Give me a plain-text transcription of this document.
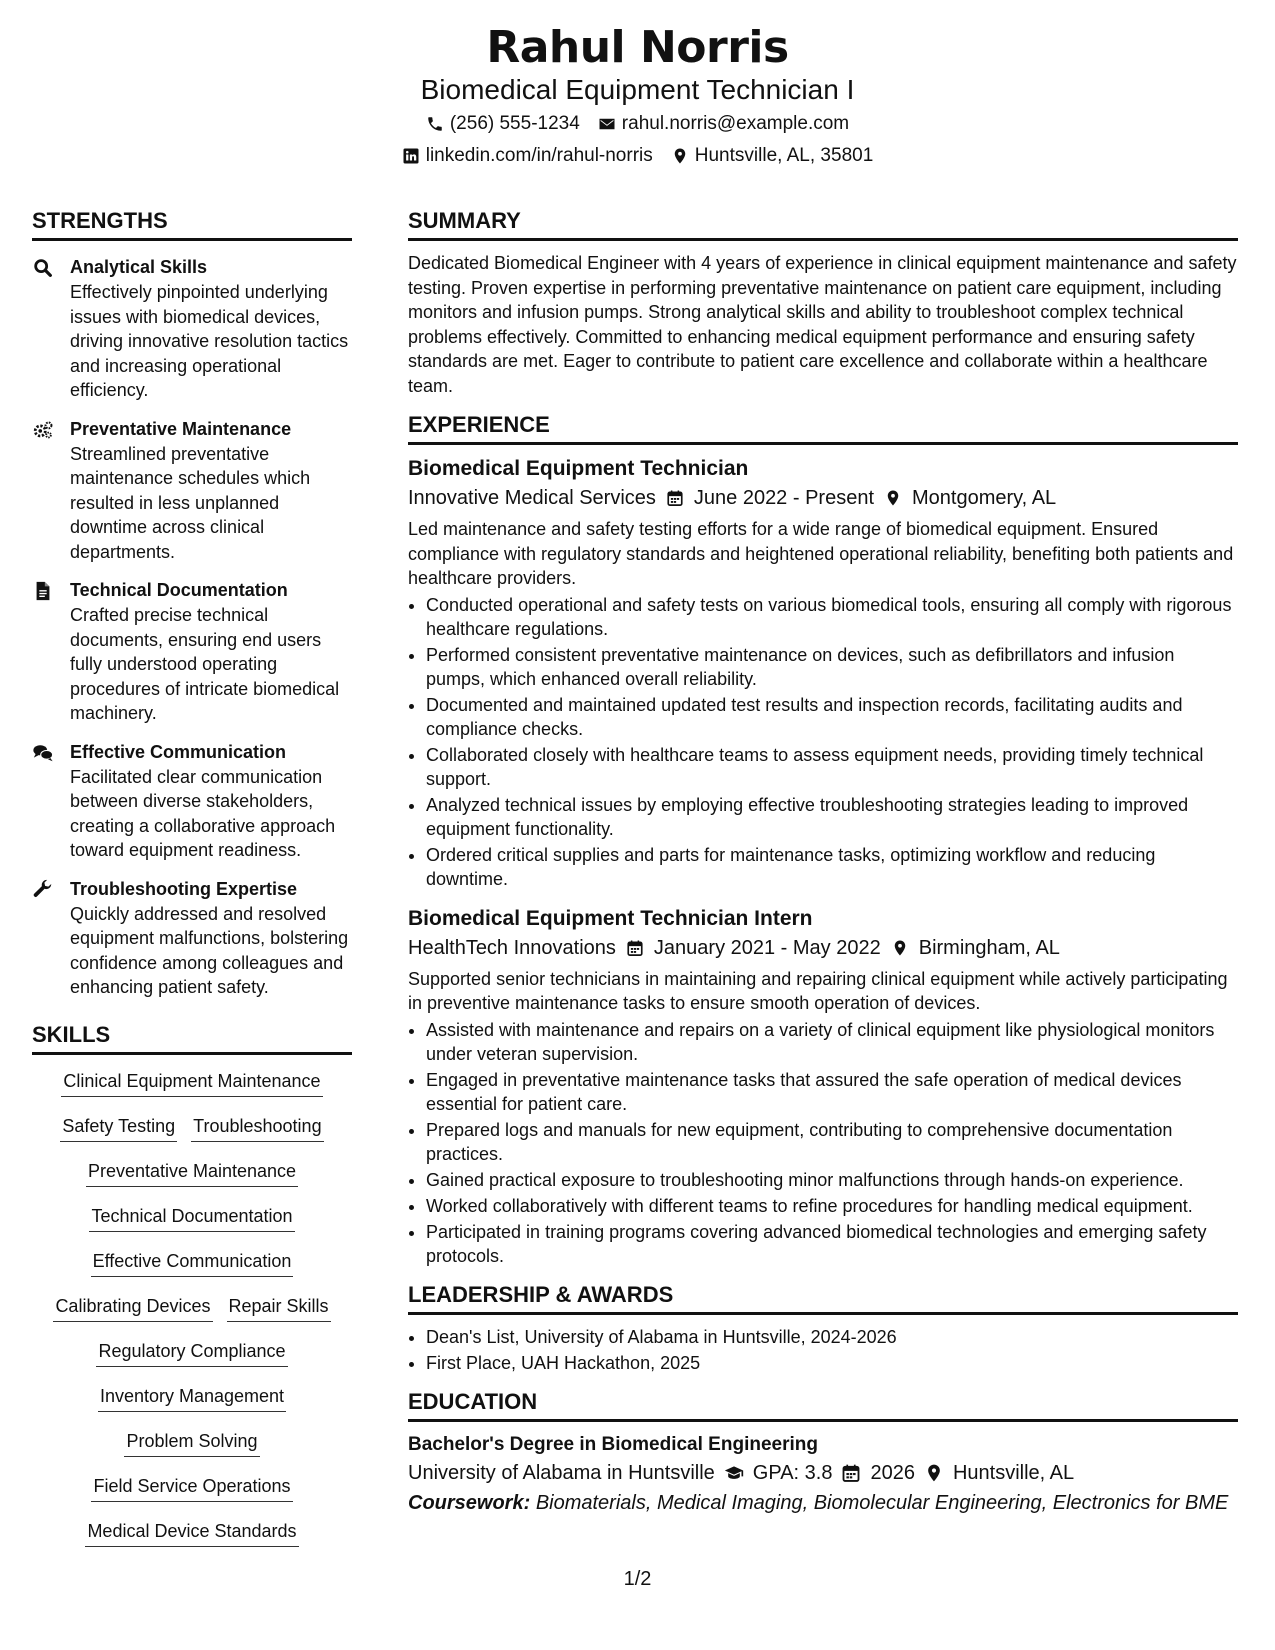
Rahul Norris
Biomedical Equipment Technician I
(256) 555-1234 rahul.norris@example.com
linkedin.com/in/rahul-norris Huntsville, AL, 35801
STRENGTHS
Analytical Skills
Effectively pinpointed underlying issues with biomedical devices, driving innovative resolution tactics and increasing operational efficiency.
Preventative Maintenance
Streamlined preventative maintenance schedules which resulted in less unplanned downtime across clinical departments.
Technical Documentation
Crafted precise technical documents, ensuring end users fully understood operating procedures of intricate biomedical machinery.
Effective Communication
Facilitated clear communication between diverse stakeholders, creating a collaborative approach toward equipment readiness.
Troubleshooting Expertise
Quickly addressed and resolved equipment malfunctions, bolstering confidence among colleagues and enhancing patient safety.
SKILLS
Clinical Equipment Maintenance
Safety Testing Troubleshooting
Preventative Maintenance
Technical Documentation
Effective Communication
Calibrating Devices Repair Skills
Regulatory Compliance
Inventory Management
Problem Solving
Field Service Operations
Medical Device Standards
SUMMARY
Dedicated Biomedical Engineer with 4 years of experience in clinical equipment maintenance and safety testing. Proven expertise in performing preventative maintenance on patient care equipment, including monitors and infusion pumps. Strong analytical skills and ability to troubleshoot complex technical problems effectively. Committed to enhancing medical equipment performance and ensuring safety standards are met. Eager to contribute to patient care excellence and collaborate within a healthcare team.
EXPERIENCE
Biomedical Equipment Technician
Innovative Medical Services June 2022 - Present Montgomery, AL
Led maintenance and safety testing efforts for a wide range of biomedical equipment. Ensured compliance with regulatory standards and heightened operational reliability, benefiting both patients and healthcare providers.
• Conducted operational and safety tests on various biomedical tools, ensuring all comply with rigorous healthcare regulations.
• Performed consistent preventative maintenance on devices, such as defibrillators and infusion pumps, which enhanced overall reliability.
• Documented and maintained updated test results and inspection records, facilitating audits and compliance checks.
• Collaborated closely with healthcare teams to assess equipment needs, providing timely technical support.
• Analyzed technical issues by employing effective troubleshooting strategies leading to improved equipment functionality.
• Ordered critical supplies and parts for maintenance tasks, optimizing workflow and reducing downtime.
Biomedical Equipment Technician Intern
HealthTech Innovations January 2021 - May 2022 Birmingham, AL
Supported senior technicians in maintaining and repairing clinical equipment while actively participating in preventive maintenance tasks to ensure smooth operation of devices.
• Assisted with maintenance and repairs on a variety of clinical equipment like physiological monitors under veteran supervision.
• Engaged in preventative maintenance tasks that assured the safe operation of medical devices essential for patient care.
• Prepared logs and manuals for new equipment, contributing to comprehensive documentation practices.
• Gained practical exposure to troubleshooting minor malfunctions through hands-on experience.
• Worked collaboratively with different teams to refine procedures for handling medical equipment.
• Participated in training programs covering advanced biomedical technologies and emerging safety protocols.
LEADERSHIP & AWARDS
• Dean's List, University of Alabama in Huntsville, 2024-2026
• First Place, UAH Hackathon, 2025
EDUCATION
Bachelor's Degree in Biomedical Engineering
University of Alabama in Huntsville GPA: 3.8 2026 Huntsville, AL
Coursework: Biomaterials, Medical Imaging, Biomolecular Engineering, Electronics for BME
1/2
